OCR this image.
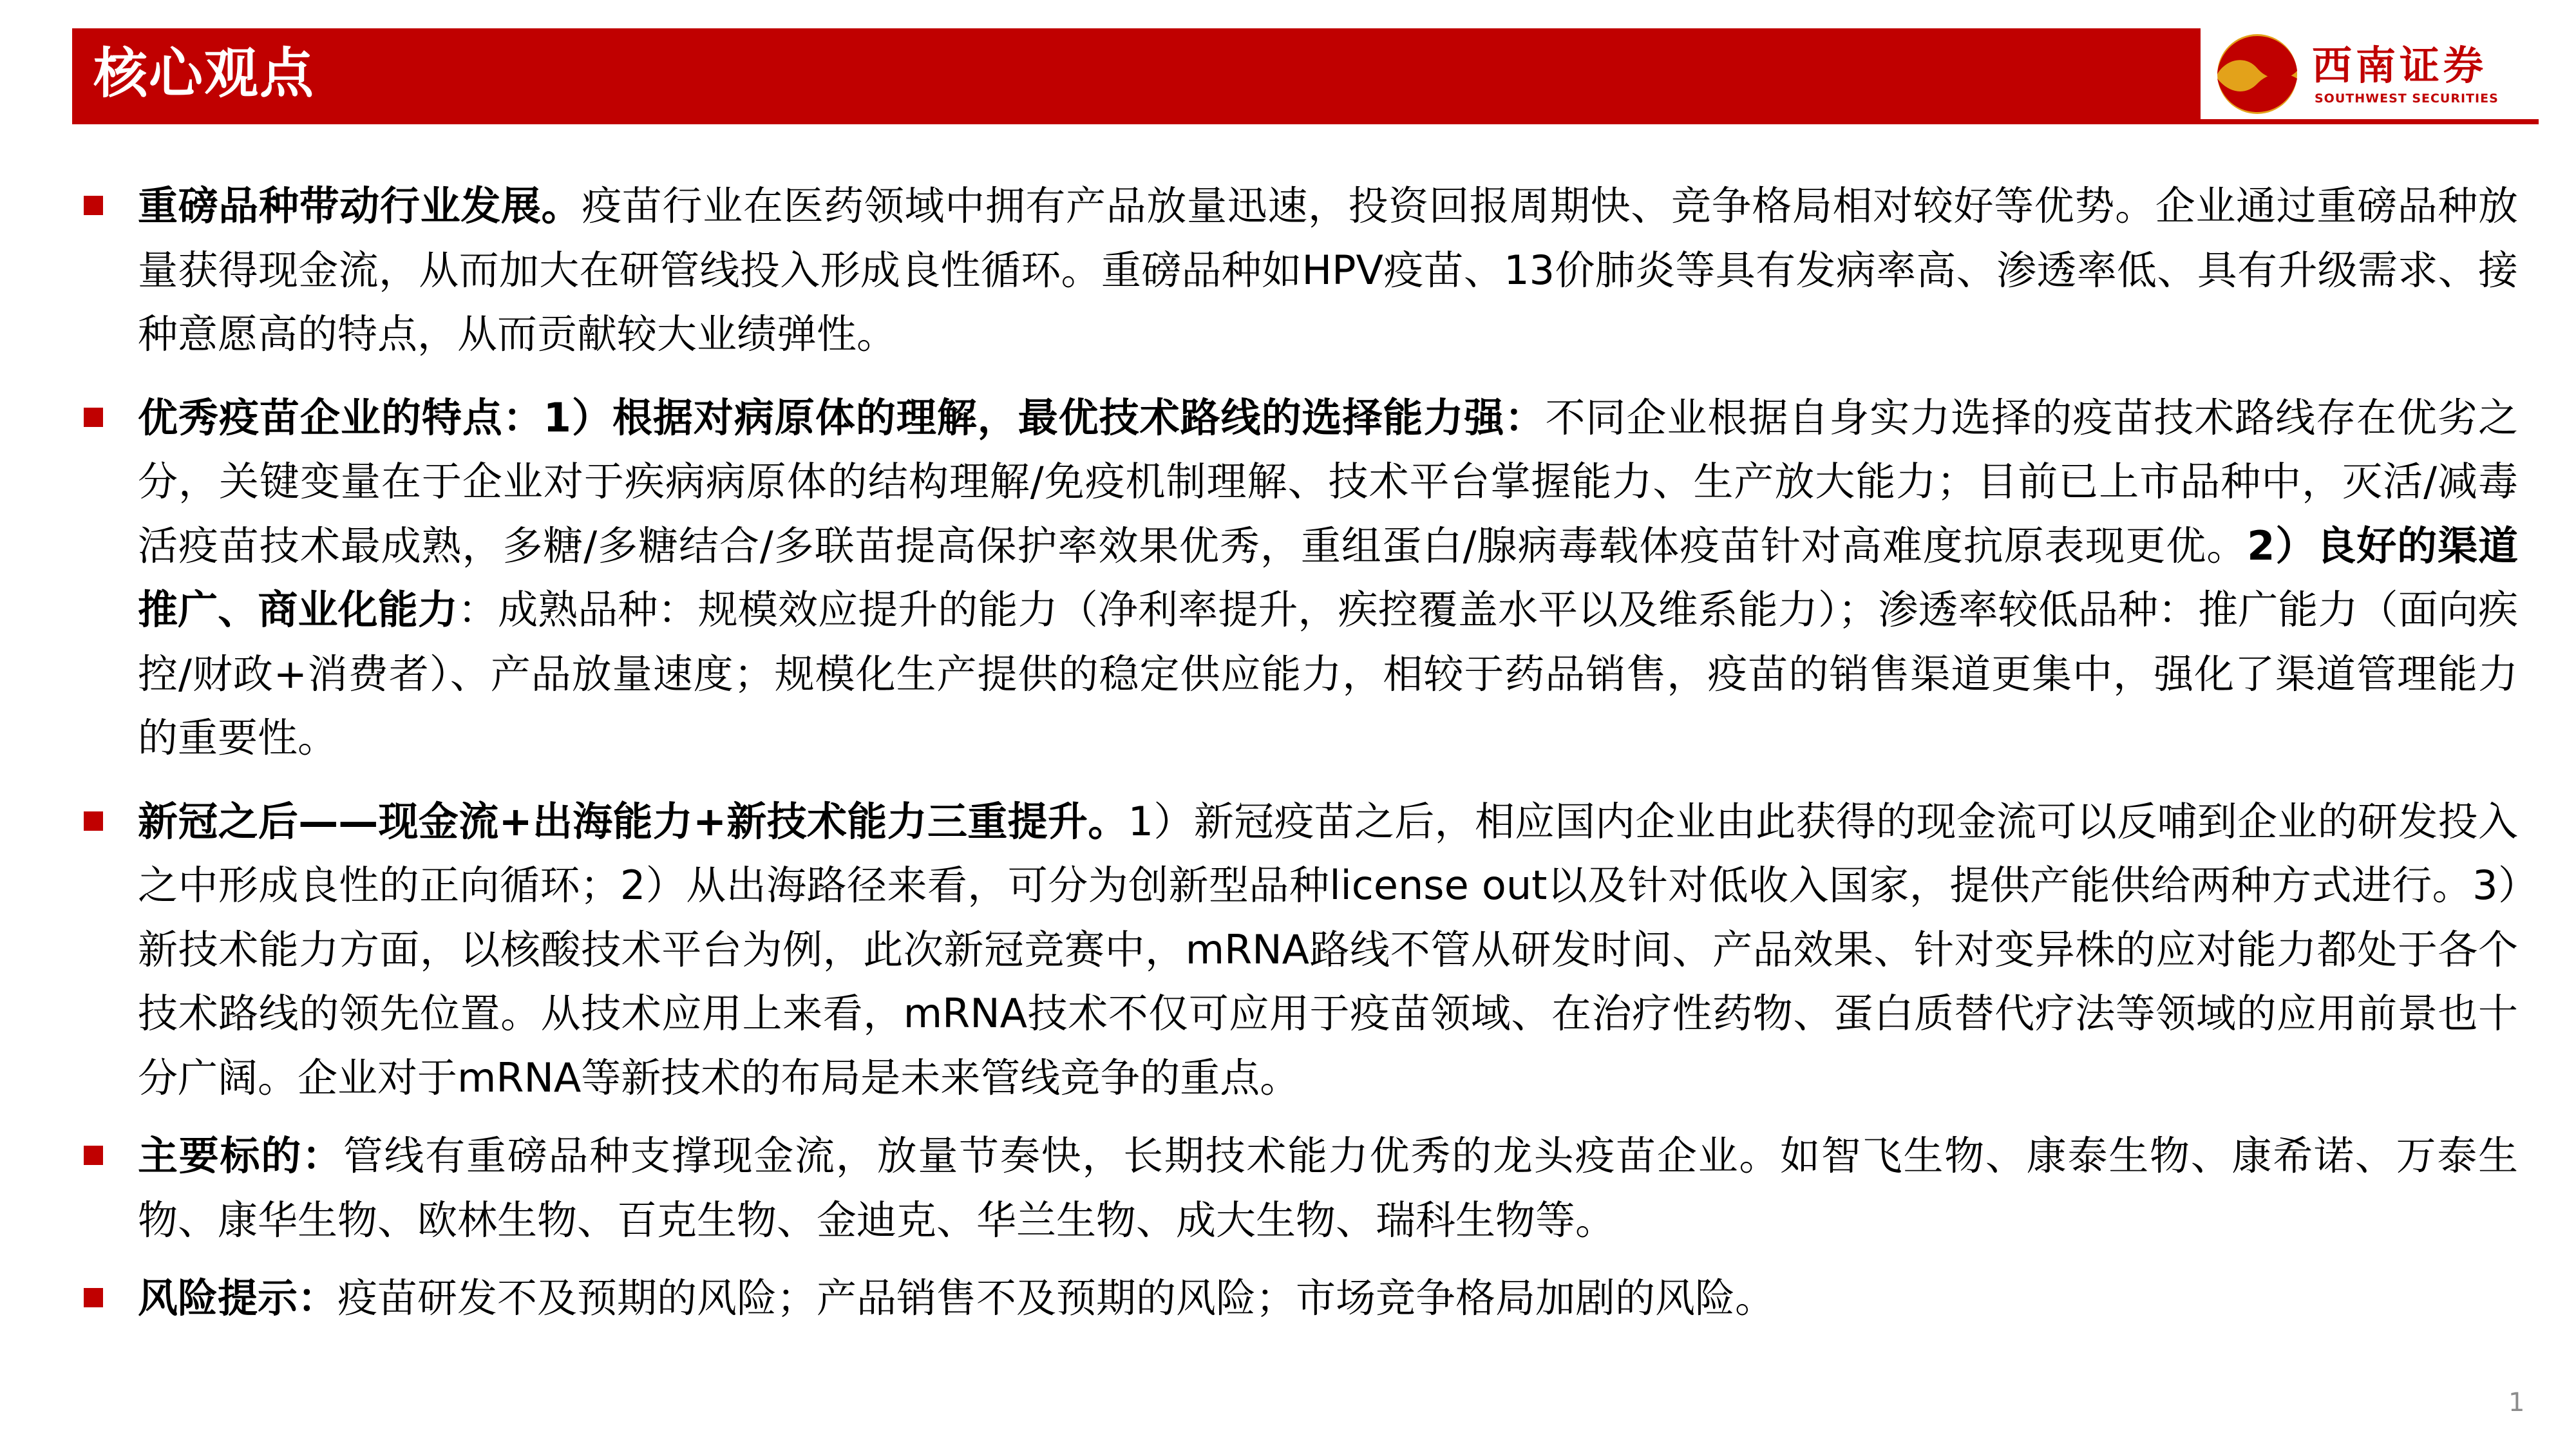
核心观点	西南证券
SOUTHWEST SECURITIES

重磅品种带动行业发展。疫苗行业在医药领域中拥有产品放量迅速，投资回报周期快、竞争格局相对较好等优势。企业通过重磅品种放量获得现金流，从而加大在研管线投入形成良性循环。重磅品种如HPV疫苗、13价肺炎等具有发病率高、渗透率低、具有升级需求、接种意愿高的特点，从而贡献较大业绩弹性。

优秀疫苗企业的特点：1）根据对病原体的理解，最优技术路线的选择能力强：不同企业根据自身实力选择的疫苗技术路线存在优劣之分，关键变量在于企业对于疾病病原体的结构理解/免疫机制理解、技术平台掌握能力、生产放大能力；目前已上市品种中，灭活/减毒活疫苗技术最成熟，多糖/多糖结合/多联苗提高保护率效果优秀，重组蛋白/腺病毒载体疫苗针对高难度抗原表现更优。2）良好的渠道推广、商业化能力：成熟品种：规模效应提升的能力（净利率提升，疾控覆盖水平以及维系能力）；渗透率较低品种：推广能力（面向疾控/财政+消费者）、产品放量速度；规模化生产提供的稳定供应能力，相较于药品销售，疫苗的销售渠道更集中，强化了渠道管理能力的重要性。

新冠之后——现金流+出海能力+新技术能力三重提升。1）新冠疫苗之后，相应国内企业由此获得的现金流可以反哺到企业的研发投入之中形成良性的正向循环；2）从出海路径来看，可分为创新型品种license out以及针对低收入国家，提供产能供给两种方式进行。3）新技术能力方面，以核酸技术平台为例，此次新冠竞赛中，mRNA路线不管从研发时间、产品效果、针对变异株的应对能力都处于各个技术路线的领先位置。从技术应用上来看，mRNA技术不仅可应用于疫苗领域、在治疗性药物、蛋白质替代疗法等领域的应用前景也十分广阔。企业对于mRNA等新技术的布局是未来管线竞争的重点。

主要标的：管线有重磅品种支撑现金流，放量节奏快，长期技术能力优秀的龙头疫苗企业。如智飞生物、康泰生物、康希诺、万泰生物、康华生物、欧林生物、百克生物、金迪克、华兰生物、成大生物、瑞科生物等。

风险提示：疫苗研发不及预期的风险；产品销售不及预期的风险；市场竞争格局加剧的风险。

1
